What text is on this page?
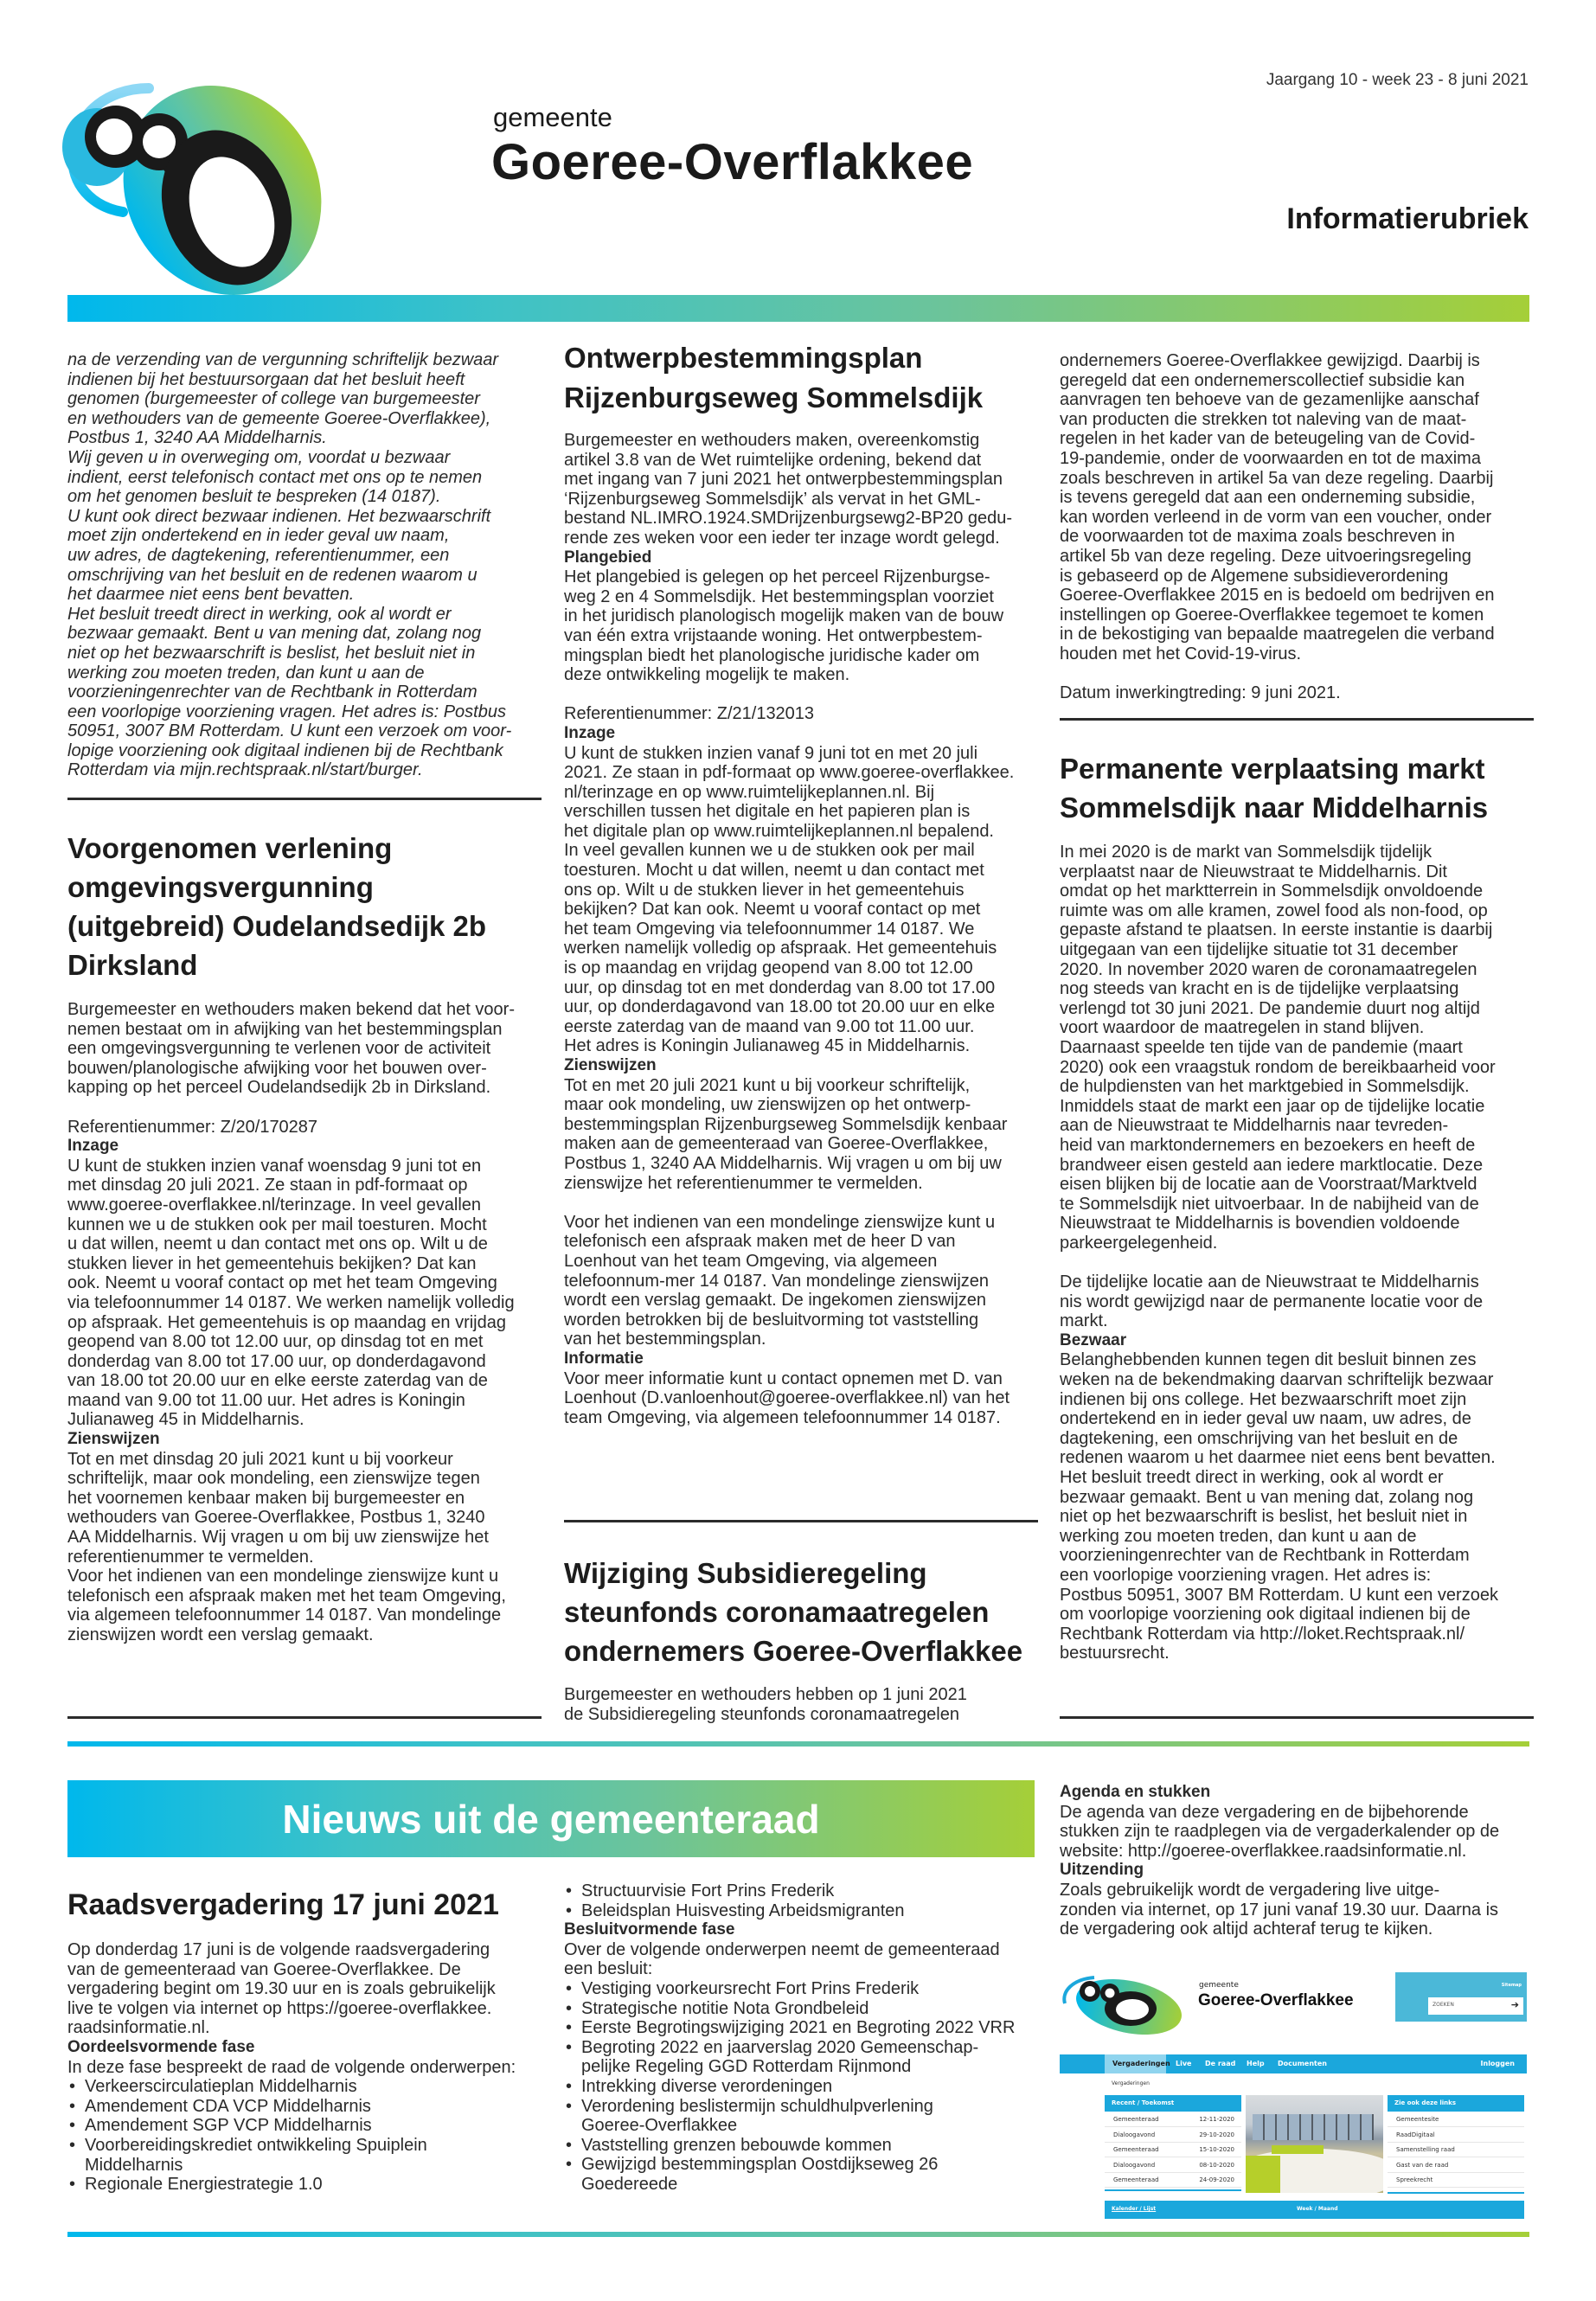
gemeente
Goeree-Overflakkee
Jaargang 10 - week 23 - 8 juni 2021
Informatierubriek

na de verzending van de vergunning schriftelijk bezwaar
indienen bij het bestuursorgaan dat het besluit heeft
genomen (burgemeester of college van burgemeester
en wethouders van de gemeente Goeree-Overflakkee),
Postbus 1, 3240 AA Middelharnis.
Wij geven u in overweging om, voordat u bezwaar
indient, eerst telefonisch contact met ons op te nemen
om het genomen besluit te bespreken (14 0187).
U kunt ook direct bezwaar indienen. Het bezwaarschrift
moet zijn ondertekend en in ieder geval uw naam,
uw adres, de dagtekening, referentienummer, een
omschrijving van het besluit en de redenen waarom u
het daarmee niet eens bent bevatten.
Het besluit treedt direct in werking, ook al wordt er
bezwaar gemaakt. Bent u van mening dat, zolang nog
niet op het bezwaarschrift is beslist, het besluit niet in
werking zou moeten treden, dan kunt u aan de
voorzieningenrechter van de Rechtbank in Rotterdam
een voorlopige voorziening vragen. Het adres is: Postbus
50951, 3007 BM Rotterdam. U kunt een verzoek om voor-
lopige voorziening ook digitaal indienen bij de Rechtbank
Rotterdam via mijn.rechtspraak.nl/start/burger.

Voorgenomen verlening
omgevingsvergunning
(uitgebreid) Oudelandsedijk 2b
Dirksland

Burgemeester en wethouders maken bekend dat het voor-
nemen bestaat om in afwijking van het bestemmingsplan
een omgevingsvergunning te verlenen voor de activiteit
bouwen/planologische afwijking voor het bouwen over-
kapping op het perceel Oudelandsedijk 2b in Dirksland.

Referentienummer: Z/20/170287

Inzage

U kunt de stukken inzien vanaf woensdag 9 juni tot en
met dinsdag 20 juli 2021. Ze staan in pdf-formaat op
www.goeree-overflakkee.nl/terinzage. In veel gevallen
kunnen we u de stukken ook per mail toesturen. Mocht
u dat willen, neemt u dan contact met ons op. Wilt u de
stukken liever in het gemeentehuis bekijken? Dat kan
ook. Neemt u vooraf contact op met het team Omgeving
via telefoonnummer 14 0187. We werken namelijk volledig
op afspraak. Het gemeentehuis is op maandag en vrijdag
geopend van 8.00 tot 12.00 uur, op dinsdag tot en met
donderdag van 8.00 tot 17.00 uur, op donderdagavond
van 18.00 tot 20.00 uur en elke eerste zaterdag van de
maand van 9.00 tot 11.00 uur. Het adres is Koningin
Julianaweg 45 in Middelharnis.

Zienswijzen

Tot en met dinsdag 20 juli 2021 kunt u bij voorkeur
schriftelijk, maar ook mondeling, een zienswijze tegen
het voornemen kenbaar maken bij burgemeester en
wethouders van Goeree-Overflakkee, Postbus 1, 3240
AA Middelharnis. Wij vragen u om bij uw zienswijze het
referentienummer te vermelden.
Voor het indienen van een mondelinge zienswijze kunt u
telefonisch een afspraak maken met het team Omgeving,
via algemeen telefoonnummer 14 0187. Van mondelinge
zienswijzen wordt een verslag gemaakt.

Ontwerpbestemmingsplan
Rijzenburgseweg Sommelsdijk

Burgemeester en wethouders maken, overeenkomstig
artikel 3.8 van de Wet ruimtelijke ordening, bekend dat
met ingang van 7 juni 2021 het ontwerpbestemmingsplan
‘Rijzenburgseweg Sommelsdijk’ als vervat in het GML-
bestand NL.IMRO.1924.SMDrijzenburgsewg2-BP20 gedu-
rende zes weken voor een ieder ter inzage wordt gelegd.

Plangebied

Het plangebied is gelegen op het perceel Rijzenburgse-
weg 2 en 4 Sommelsdijk. Het bestemmingsplan voorziet
in het juridisch planologisch mogelijk maken van de bouw
van één extra vrijstaande woning. Het ontwerpbestem-
mingsplan biedt het planologische juridische kader om
deze ontwikkeling mogelijk te maken.

Referentienummer: Z/21/132013

Inzage

U kunt de stukken inzien vanaf 9 juni tot en met 20 juli
2021. Ze staan in pdf-formaat op www.goeree-overflakkee.
nl/terinzage en op www.ruimtelijkeplannen.nl. Bij
verschillen tussen het digitale en het papieren plan is
het digitale plan op www.ruimtelijkeplannen.nl bepalend.
In veel gevallen kunnen we u de stukken ook per mail
toesturen. Mocht u dat willen, neemt u dan contact met
ons op. Wilt u de stukken liever in het gemeentehuis
bekijken? Dat kan ook. Neemt u vooraf contact op met
het team Omgeving via telefoonnummer 14 0187. We
werken namelijk volledig op afspraak. Het gemeentehuis
is op maandag en vrijdag geopend van 8.00 tot 12.00
uur, op dinsdag tot en met donderdag van 8.00 tot 17.00
uur, op donderdagavond van 18.00 tot 20.00 uur en elke
eerste zaterdag van de maand van 9.00 tot 11.00 uur.
Het adres is Koningin Julianaweg 45 in Middelharnis.

Zienswijzen

Tot en met 20 juli 2021 kunt u bij voorkeur schriftelijk,
maar ook mondeling, uw zienswijzen op het ontwerp-
bestemmingsplan Rijzenburgseweg Sommelsdijk kenbaar
maken aan de gemeenteraad van Goeree-Overflakkee,
Postbus 1, 3240 AA Middelharnis. Wij vragen u om bij uw
zienswijze het referentienummer te vermelden.

Voor het indienen van een mondelinge zienswijze kunt u
telefonisch een afspraak maken met de heer D van
Loenhout van het team Omgeving, via algemeen
telefoonnum-mer 14 0187. Van mondelinge zienswijzen
wordt een verslag gemaakt. De ingekomen zienswijzen
worden betrokken bij de besluitvorming tot vaststelling
van het bestemmingsplan.

Informatie

Voor meer informatie kunt u contact opnemen met D. van
Loenhout (D.vanloenhout@goeree-overflakkee.nl) van het
team Omgeving, via algemeen telefoonnummer 14 0187.

Wijziging Subsidieregeling
steunfonds coronamaatregelen
ondernemers Goeree-Overflakkee

Burgemeester en wethouders hebben op 1 juni 2021
de Subsidieregeling steunfonds coronamaatregelen

ondernemers Goeree-Overflakkee gewijzigd. Daarbij is
geregeld dat een ondernemerscollectief subsidie kan
aanvragen ten behoeve van de gezamenlijke aanschaf
van producten die strekken tot naleving van de maat-
regelen in het kader van de beteugeling van de Covid-
19-pandemie, onder de voorwaarden en tot de maxima
zoals beschreven in artikel 5a van deze regeling. Daarbij
is tevens geregeld dat aan een onderneming subsidie,
kan worden verleend in de vorm van een voucher, onder
de voorwaarden tot de maxima zoals beschreven in
artikel 5b van deze regeling. Deze uitvoeringsregeling
is gebaseerd op de Algemene subsidieverordening
Goeree-Overflakkee 2015 en is bedoeld om bedrijven en
instellingen op Goeree-Overflakkee tegemoet te komen
in de bekostiging van bepaalde maatregelen die verband
houden met het Covid-19-virus.

Datum inwerkingtreding: 9 juni 2021.

Permanente verplaatsing markt
Sommelsdijk naar Middelharnis

In mei 2020 is de markt van Sommelsdijk tijdelijk
verplaatst naar de Nieuwstraat te Middelharnis. Dit
omdat op het marktterrein in Sommelsdijk onvoldoende
ruimte was om alle kramen, zowel food als non-food, op
gepaste afstand te plaatsen. In eerste instantie is daarbij
uitgegaan van een tijdelijke situatie tot 31 december
2020. In november 2020 waren de coronamaatregelen
nog steeds van kracht en is de tijdelijke verplaatsing
verlengd tot 30 juni 2021. De pandemie duurt nog altijd
voort waardoor de maatregelen in stand blijven.
Daarnaast speelde ten tijde van de pandemie (maart
2020) ook een vraagstuk rondom de bereikbaarheid voor
de hulpdiensten van het marktgebied in Sommelsdijk.
Inmiddels staat de markt een jaar op de tijdelijke locatie
aan de Nieuwstraat te Middelharnis naar tevreden-
heid van marktondernemers en bezoekers en heeft de
brandweer eisen gesteld aan iedere marktlocatie. Deze
eisen blijken bij de locatie aan de Voorstraat/Marktveld
te Sommelsdijk niet uitvoerbaar. In de nabijheid van de
Nieuwstraat te Middelharnis is bovendien voldoende
parkeergelegenheid.

De tijdelijke locatie aan de Nieuwstraat te Middelharnis
nis wordt gewijzigd naar de permanente locatie voor de
markt.

Bezwaar

Belanghebbenden kunnen tegen dit besluit binnen zes
weken na de bekendmaking daarvan schriftelijk bezwaar
indienen bij ons college. Het bezwaarschrift moet zijn
ondertekend en in ieder geval uw naam, uw adres, de
dagtekening, een omschrijving van het besluit en de
redenen waarom u het daarmee niet eens bent bevatten.
Het besluit treedt direct in werking, ook al wordt er
bezwaar gemaakt. Bent u van mening dat, zolang nog
niet op het bezwaarschrift is beslist, het besluit niet in
werking zou moeten treden, dan kunt u aan de
voorzieningenrechter van de Rechtbank in Rotterdam
een voorlopige voorziening vragen. Het adres is:
Postbus 50951, 3007 BM Rotterdam. U kunt een verzoek
om voorlopige voorziening ook digitaal indienen bij de
Rechtbank Rotterdam via http://loket.Rechtspraak.nl/
bestuursrecht.

Nieuws uit de gemeenteraad
Raadsvergadering 17 juni 2021

Op donderdag 17 juni is de volgende raadsvergadering
van de gemeenteraad van Goeree-Overflakkee. De
vergadering begint om 19.30 uur en is zoals gebruikelijk
live te volgen via internet op https://goeree-overflakkee.
raadsinformatie.nl.

Oordeelsvormende fase

In deze fase bespreekt de raad de volgende onderwerpen:

• Verkeerscirculatieplan Middelharnis
• Amendement CDA VCP Middelharnis
• Amendement SGP VCP Middelharnis
• Voorbereidingskrediet ontwikkeling Spuiplein
Middelharnis
• Regionale Energiestrategie 1.0
• Structuurvisie Fort Prins Frederik
• Beleidsplan Huisvesting Arbeidsmigranten

Besluitvormende fase

Over de volgende onderwerpen neemt de gemeenteraad
een besluit:

• Vestiging voorkeursrecht Fort Prins Frederik
• Strategische notitie Nota Grondbeleid
• Eerste Begrotingswijziging 2021 en Begroting 2022 VRR
• Begroting 2022 en jaarverslag 2020 Gemeenschap-
pelijke Regeling GGD Rotterdam Rijnmond
• Intrekking diverse verordeningen
• Verordening beslistermijn schuldhulpverlening
Goeree-Overflakkee
• Vaststelling grenzen bebouwde kommen
• Gewijzigd bestemmingsplan Oostdijkseweg 26
Goedereede

Agenda en stukken

De agenda van deze vergadering en de bijbehorende
stukken zijn te raadplegen via de vergaderkalender op de
website: http://goeree-overflakkee.raadsinformatie.nl.

Uitzending

Zoals gebruikelijk wordt de vergadering live uitge-
zonden via internet, op 17 juni vanaf 19.30 uur. Daarna is
de vergadering ook altijd achteraf terug te kijken.

gemeente
Goeree-Overflakkee
Sitemap
ZOEKEN	➔
Vergaderingen Live De raad Help Documenten	Inloggen
Vergaderingen
Recent / Toekomst
Gemeenteraad	12-11-2020
Dialoogavond	29-10-2020
Gemeenteraad	15-10-2020
Dialoogavond	08-10-2020
Gemeenteraad	24-09-2020
Zie ook deze links
Gemeentesite
RaadDigitaal
Samenstelling raad
Gast van de raad
Spreekrecht
Kalender / Lijst	Week / Maand
